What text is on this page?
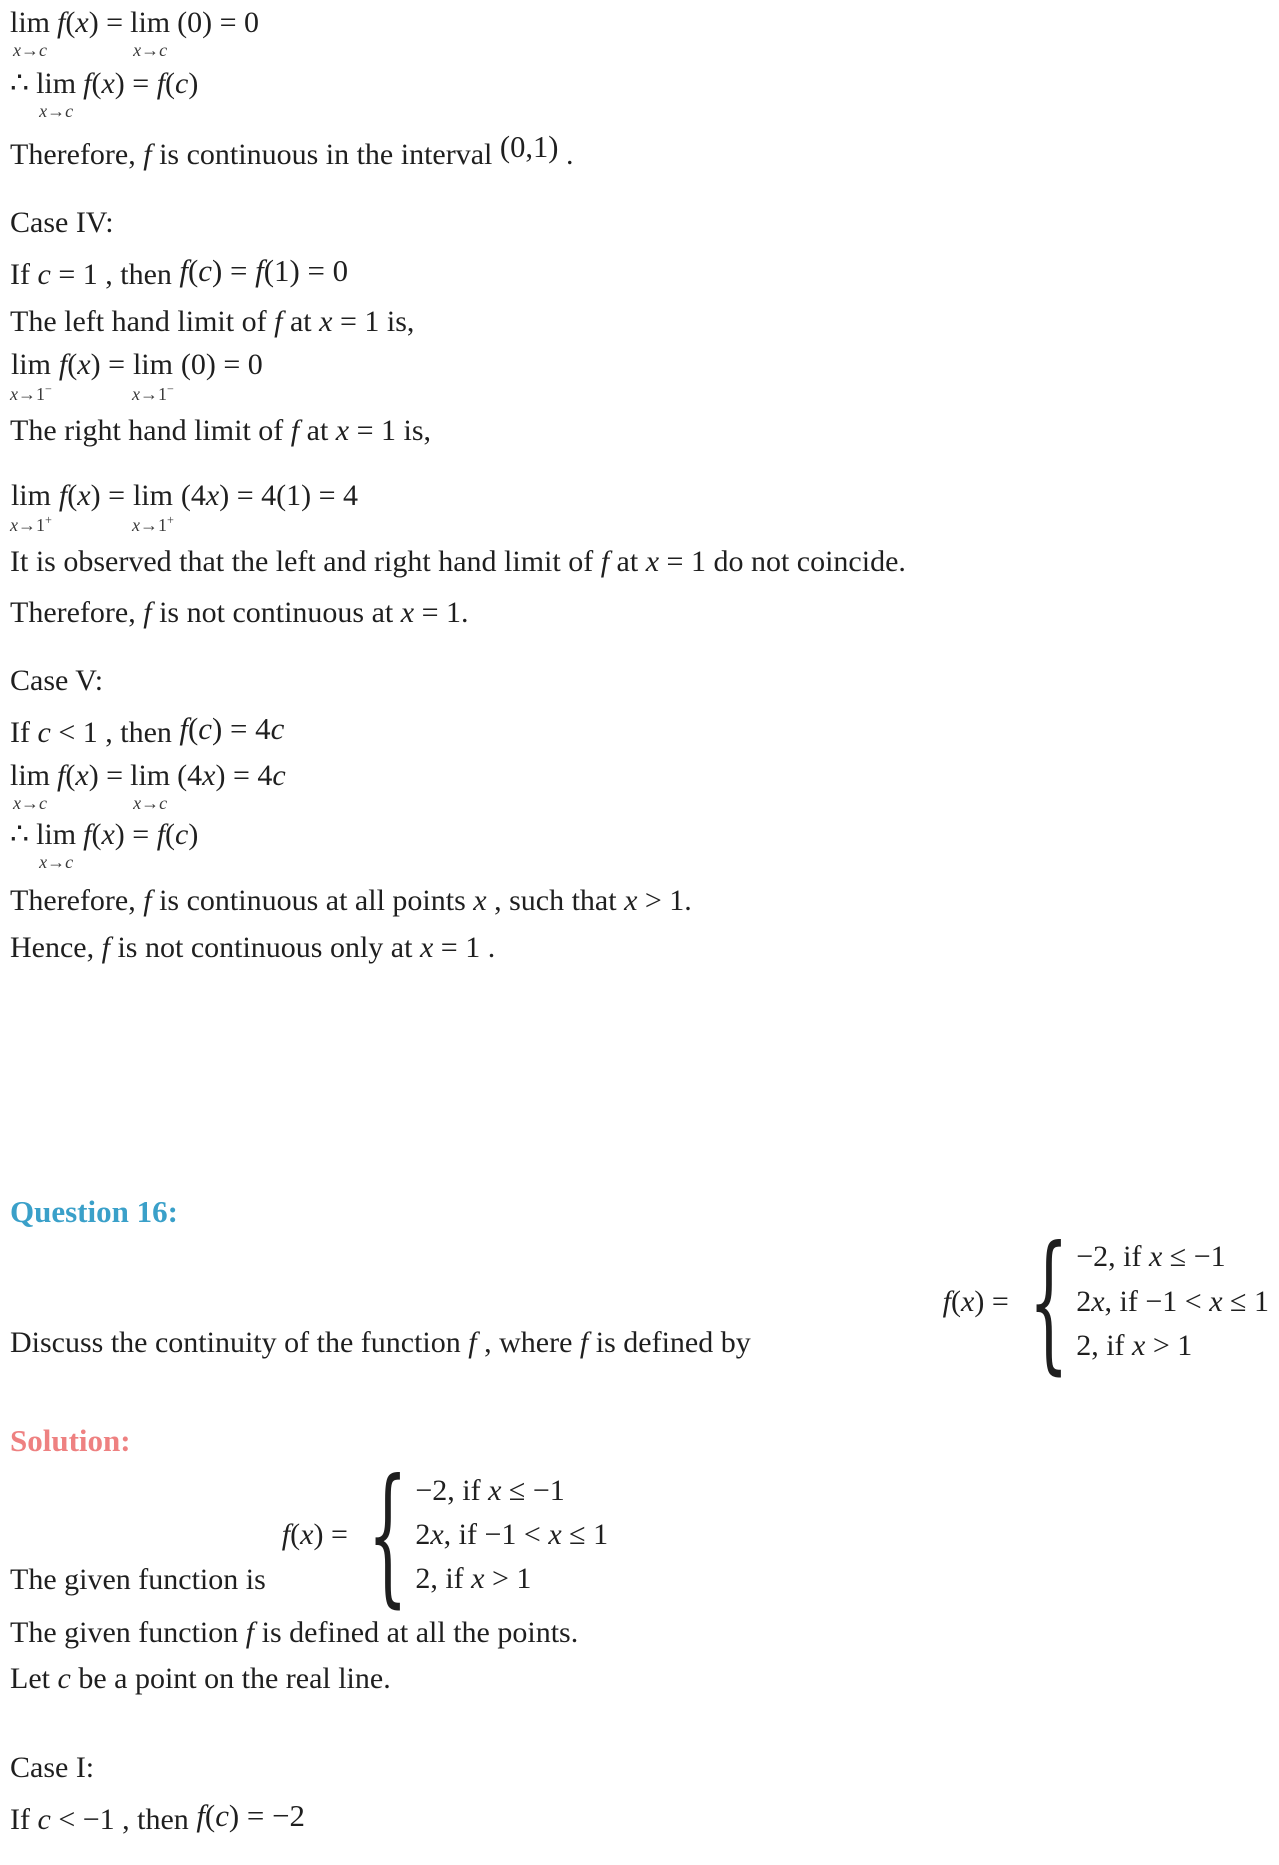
lim
x→c
f(x) = lim
x→c
(0) = 0
∴ lim
x→c
f(x) = f(c)

Therefore, f is continuous in the interval (0,1) .

Case IV:

If c = 1 , then f(c) = f(1) = 0

The left hand limit of f at x = 1 is,

lim
x→1−
f(x) = lim
x→1−
(0) = 0

The right hand limit of f at x = 1 is,

lim
x→1+
f(x) = lim
x→1+
(4x) = 4(1) = 4

It is observed that the left and right hand limit of f at x = 1 do not coincide.

Therefore, f is not continuous at x = 1.

Case V:

If c < 1 , then f(c) = 4c

lim
x→c
f(x) = lim
x→c
(4x) = 4c
∴ lim
x→c
f(x) = f(c)

Therefore, f is continuous at all points x , such that x > 1.

Hence, f is not continuous only at x = 1 .

Question 16:

Discuss the continuity of the function f , where f is defined by
f(x) = { −2, if x ≤ −1
2x, if −1 < x ≤ 1
2, if x > 1

Solution:

The given function is
f(x) = { −2, if x ≤ −1
2x, if −1 < x ≤ 1
2, if x > 1

The given function f is defined at all the points.

Let c be a point on the real line.

Case I:

If c < −1 , then f(c) = −2
